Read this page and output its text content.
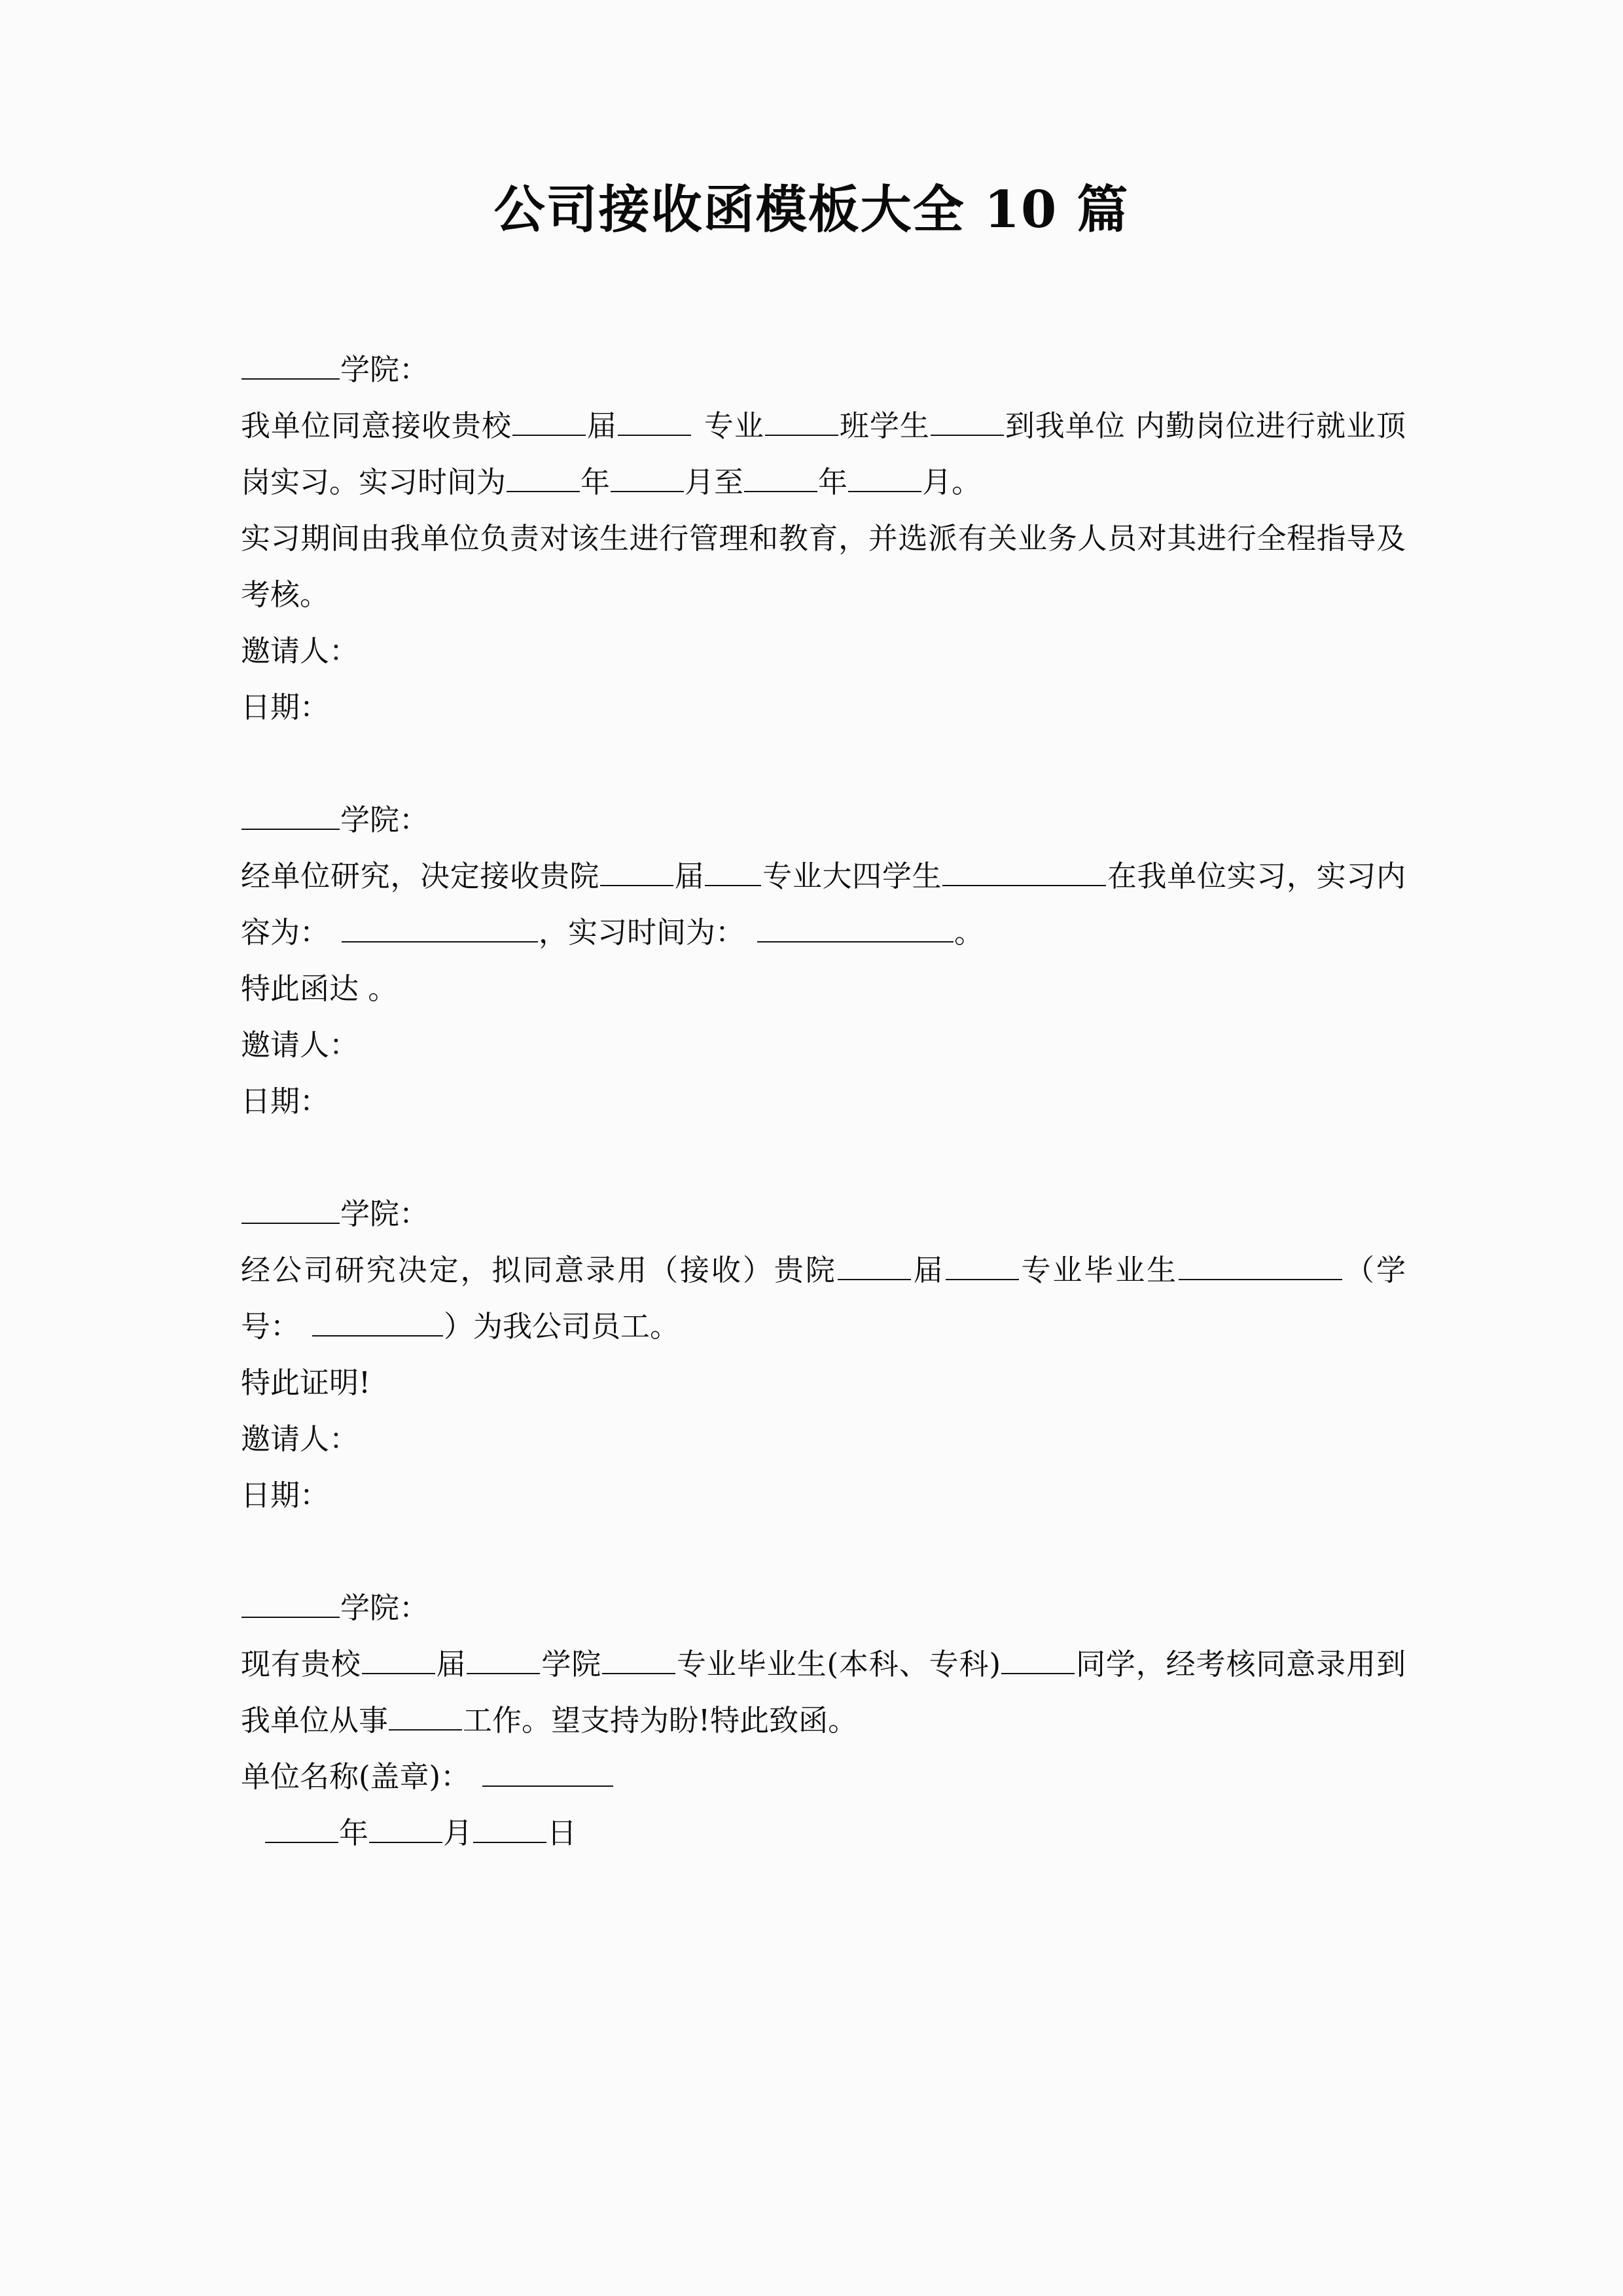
公司接收函模板大全 10 篇
学院：
我单位同意接收贵校	届	专业	班学生	到我单位 内勤岗位进行就业顶岗实习。实习时间为	年	月至	年	月。
实习期间由我单位负责对该生进行管理和教育，并选派有关业务人员对其进行全程指导及考核。
邀请人：
日期：
学院：
经单位研究，决定接收贵院	届 专业大四学生	在我单位实习，实习内容为：	，实习时间为：	。
特此函达 。
邀请人：
日期：
学院：
经公司研究决定，拟同意录用（接收）贵院	届	专业毕业生	（学号：	）为我公司员工。
特此证明!
邀请人：
日期：
学院：
现有贵校	届	学院	专业毕业生(本科、专科)	同学，经考核同意录用到我单位从事	工作。望支持为盼!特此致函。
单位名称(盖章)：
年	月	日
